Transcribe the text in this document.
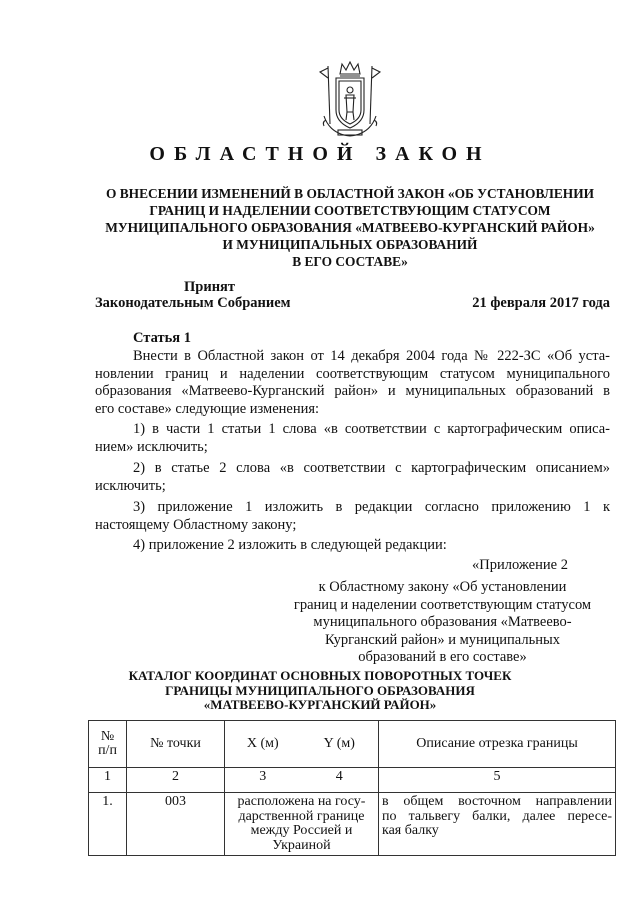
ОБЛАСТНОЙ ЗАКОН
О ВНЕСЕНИИ ИЗМЕНЕНИЙ В ОБЛАСТНОЙ ЗАКОН «ОБ УСТАНОВЛЕНИИ
ГРАНИЦ И НАДЕЛЕНИИ СООТВЕТСТВУЮЩИМ СТАТУСОМ
МУНИЦИПАЛЬНОГО ОБРАЗОВАНИЯ «МАТВЕЕВО-КУРГАНСКИЙ РАЙОН»
И МУНИЦИПАЛЬНЫХ ОБРАЗОВАНИЙ
В ЕГО СОСТАВЕ»
Принят
Законодательным Собранием	21 февраля 2017 года
Статья 1
Внести в Областной закон от 14 декабря 2004 года № 222-ЗС «Об уста-
новлении границ и наделении соответствующим статусом муниципального
образования «Матвеево-Курганский район» и муниципальных образований в
его составе» следующие изменения:
1) в части 1 статьи 1 слова «в соответствии с картографическим описа-
нием» исключить;
2) в статье 2 слова «в соответствии с картографическим описанием»
исключить;
3) приложение 1 изложить в редакции согласно приложению 1 к
настоящему Областному закону;
4) приложение 2 изложить в следующей редакции:
«Приложение 2
к Областному закону «Об установлении
границ и наделении соответствующим статусом
муниципального образования «Матвеево-
Курганский район» и муниципальных
образований в его составе»
КАТАЛОГ КООРДИНАТ ОСНОВНЫХ ПОВОРОТНЫХ ТОЧЕК
ГРАНИЦЫ МУНИЦИПАЛЬНОГО ОБРАЗОВАНИЯ
«МАТВЕЕВО-КУРГАНСКИЙ РАЙОН»
№
п/п	№ точки	X (м)	Y (м)	Описание отрезка границы
1	2	3	4	5
1.	003	расположена на госу-
дарственной границе
между Россией и
Украиной		в общем восточном направлении
по тальвегу балки, далее пересе-
кая балку
